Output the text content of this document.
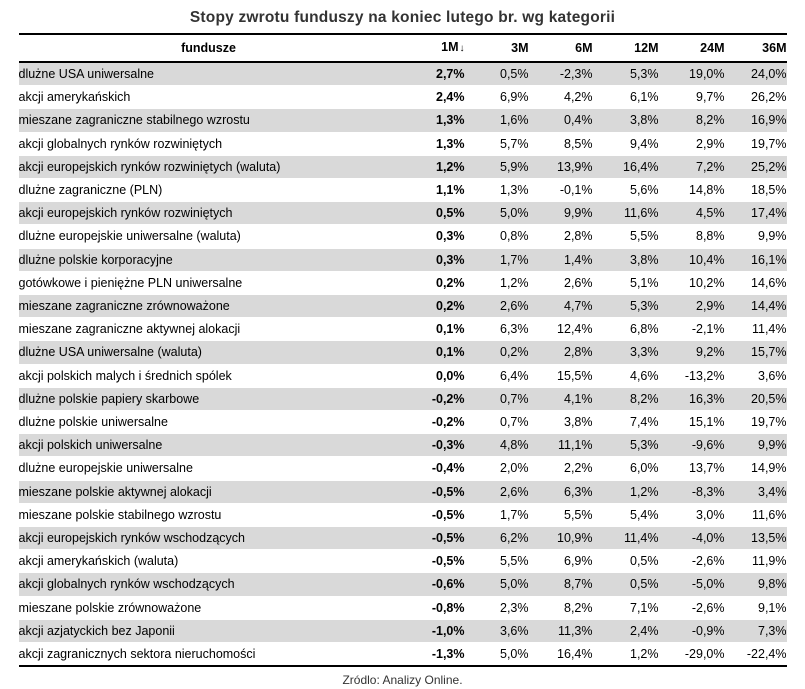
Stopy zwrotu funduszy na koniec lutego br. wg kategorii
fundusze	1M↓	3M	6M	12M	24M	36M
dlużne USA uniwersalne	2,7%	0,5%	-2,3%	5,3%	19,0%	24,0%
akcji amerykańskich	2,4%	6,9%	4,2%	6,1%	9,7%	26,2%
mieszane zagraniczne stabilnego wzrostu	1,3%	1,6%	0,4%	3,8%	8,2%	16,9%
akcji globalnych rynków rozwiniętych	1,3%	5,7%	8,5%	9,4%	2,9%	19,7%
akcji europejskich rynków rozwiniętych (waluta)	1,2%	5,9%	13,9%	16,4%	7,2%	25,2%
dlużne zagraniczne (PLN)	1,1%	1,3%	-0,1%	5,6%	14,8%	18,5%
akcji europejskich rynków rozwiniętych	0,5%	5,0%	9,9%	11,6%	4,5%	17,4%
dlużne europejskie uniwersalne (waluta)	0,3%	0,8%	2,8%	5,5%	8,8%	9,9%
dlużne polskie korporacyjne	0,3%	1,7%	1,4%	3,8%	10,4%	16,1%
gotówkowe i pieniężne PLN uniwersalne	0,2%	1,2%	2,6%	5,1%	10,2%	14,6%
mieszane zagraniczne zrównoważone	0,2%	2,6%	4,7%	5,3%	2,9%	14,4%
mieszane zagraniczne aktywnej alokacji	0,1%	6,3%	12,4%	6,8%	-2,1%	11,4%
dlużne USA uniwersalne (waluta)	0,1%	0,2%	2,8%	3,3%	9,2%	15,7%
akcji polskich malych i średnich spólek	0,0%	6,4%	15,5%	4,6%	-13,2%	3,6%
dlużne polskie papiery skarbowe	-0,2%	0,7%	4,1%	8,2%	16,3%	20,5%
dlużne polskie uniwersalne	-0,2%	0,7%	3,8%	7,4%	15,1%	19,7%
akcji polskich uniwersalne	-0,3%	4,8%	11,1%	5,3%	-9,6%	9,9%
dlużne europejskie uniwersalne	-0,4%	2,0%	2,2%	6,0%	13,7%	14,9%
mieszane polskie aktywnej alokacji	-0,5%	2,6%	6,3%	1,2%	-8,3%	3,4%
mieszane polskie stabilnego wzrostu	-0,5%	1,7%	5,5%	5,4%	3,0%	11,6%
akcji europejskich rynków wschodzących	-0,5%	6,2%	10,9%	11,4%	-4,0%	13,5%
akcji amerykańskich (waluta)	-0,5%	5,5%	6,9%	0,5%	-2,6%	11,9%
akcji globalnych rynków wschodzących	-0,6%	5,0%	8,7%	0,5%	-5,0%	9,8%
mieszane polskie zrównoważone	-0,8%	2,3%	8,2%	7,1%	-2,6%	9,1%
akcji azjatyckich bez Japonii	-1,0%	3,6%	11,3%	2,4%	-0,9%	7,3%
akcji zagranicznych sektora nieruchomości	-1,3%	5,0%	16,4%	1,2%	-29,0%	-22,4%
Zródlo: Analizy Online.
